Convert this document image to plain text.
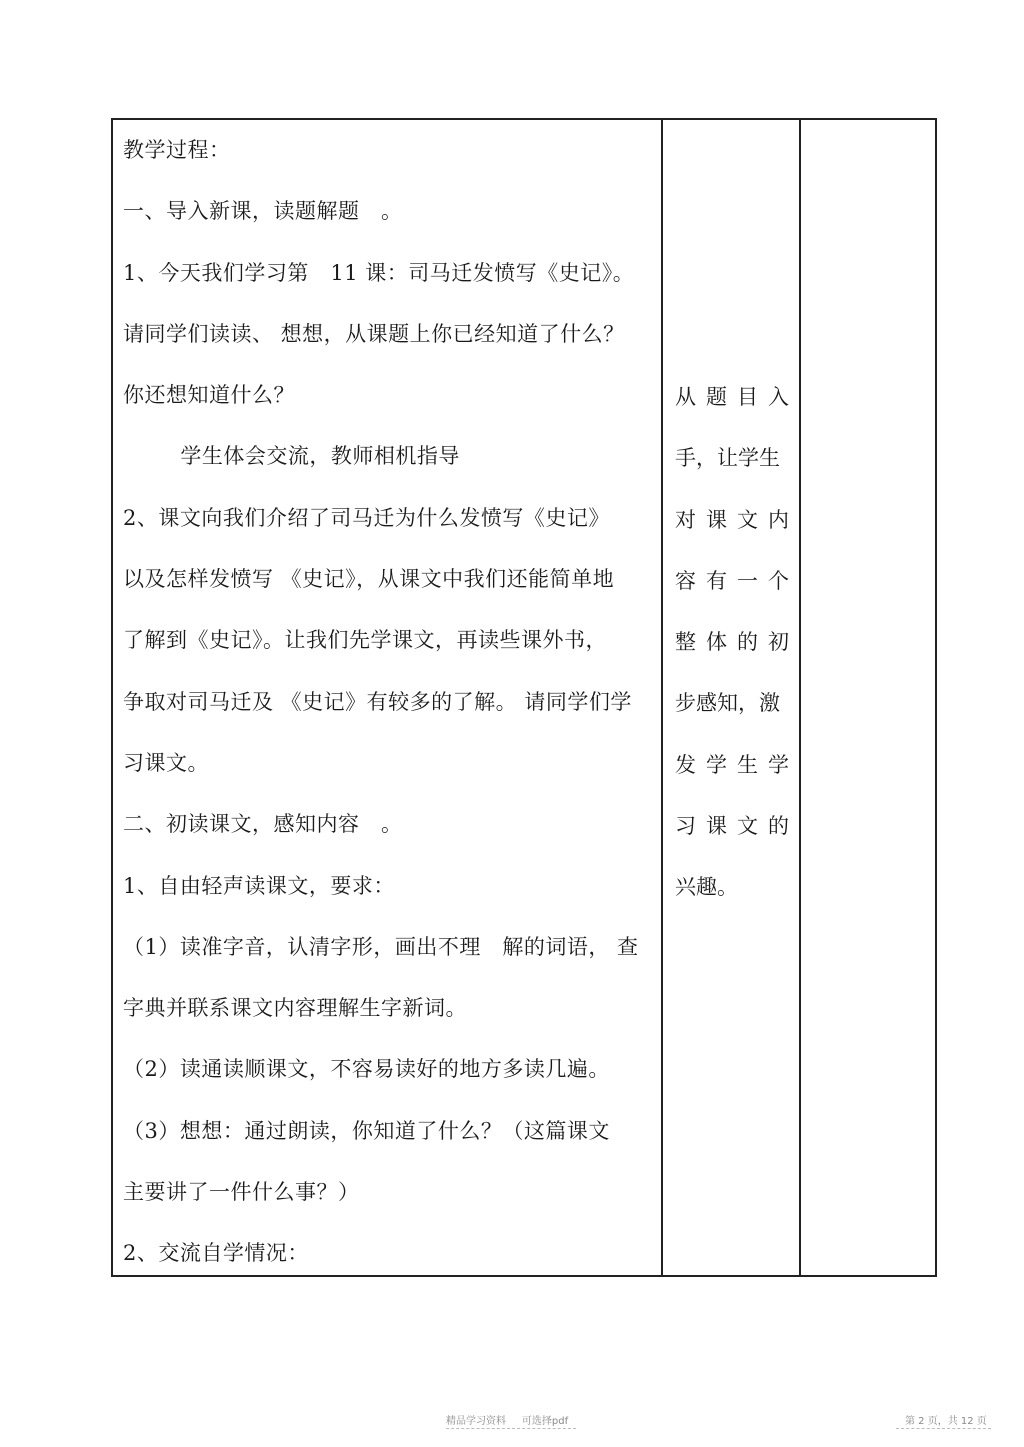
教学过程：
一、导入新课，读题解题   。
1、今天我们学习第   11 课：司马迁发愤写《史记》。
请同学们读读、 想想，从课题上你已经知道了什么？
你还想知道什么？
学生体会交流，教师相机指导
2、课文向我们介绍了司马迁为什么发愤写《史记》
以及怎样发愤写 《史记》，从课文中我们还能简单地
了解到《史记》。让我们先学课文，再读些课外书，
争取对司马迁及 《史记》有较多的了解。 请同学们学
习课文。
二、初读课文，感知内容   。
1、自由轻声读课文，要求：
（1）读准字音，认清字形，画出不理   解的词语， 查
字典并联系课文内容理解生字新词。
（2）读通读顺课文，不容易读好的地方多读几遍。
（3）想想：通过朗读，你知道了什么？（这篇课文
主要讲了一件什么事？）
2、交流自学情况：
从题目入
手，让学生
对课文内
容有一个
整体的初
步感知，激
发学生学
习课文的
兴趣。
精品学习资料     可选择pdf	第 2 页，共 12 页
